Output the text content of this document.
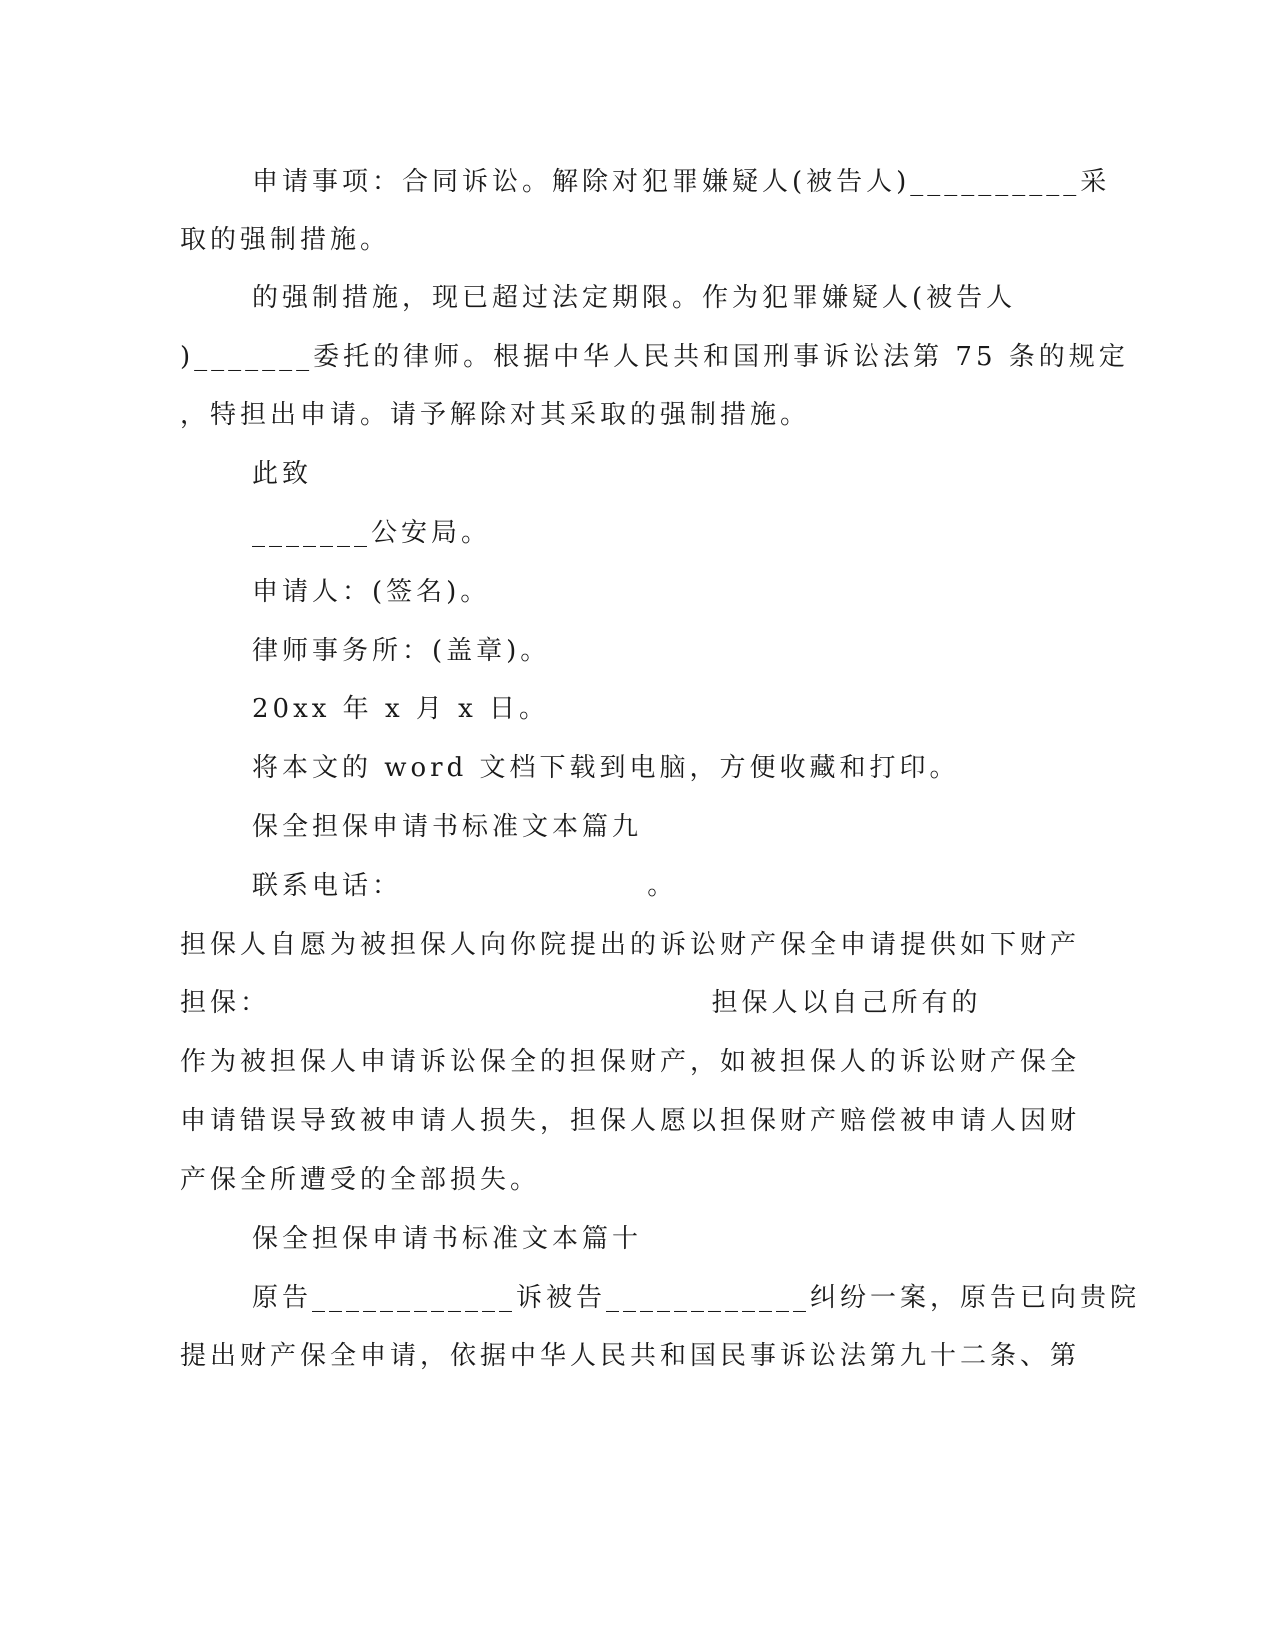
申请事项：合同诉讼。解除对犯罪嫌疑人(被告人)__________采
取的强制措施。
的强制措施，现已超过法定期限。作为犯罪嫌疑人(被告人
)_______委托的律师。根据中华人民共和国刑事诉讼法第 75 条的规定
，特担出申请。请予解除对其采取的强制措施。
此致
_______公安局。
申请人：(签名)。
律师事务所：(盖章)。
20xx 年 x 月 x 日。
将本文的 word 文档下载到电脑，方便收藏和打印。
保全担保申请书标准文本篇九
联系电话：                    。
担保人自愿为被担保人向你院提出的诉讼财产保全申请提供如下财产
担保：                                    担保人以自己所有的
作为被担保人申请诉讼保全的担保财产，如被担保人的诉讼财产保全
申请错误导致被申请人损失，担保人愿以担保财产赔偿被申请人因财
产保全所遭受的全部损失。
保全担保申请书标准文本篇十
原告____________诉被告____________纠纷一案，原告已向贵院
提出财产保全申请，依据中华人民共和国民事诉讼法第九十二条、第
